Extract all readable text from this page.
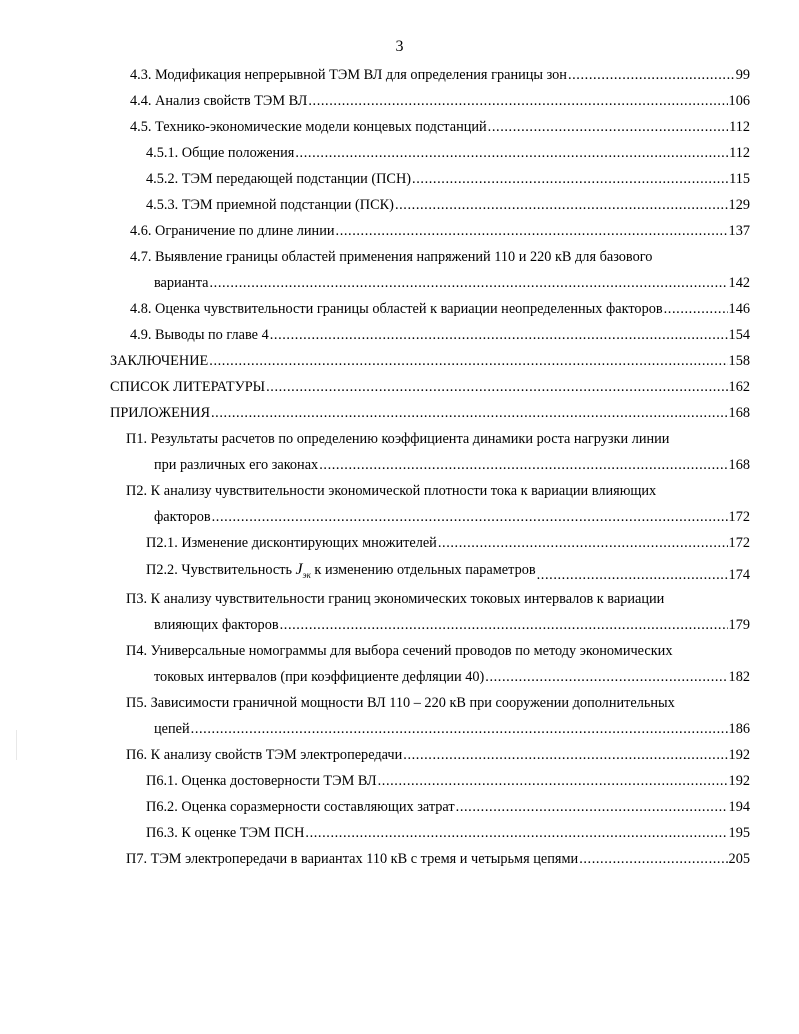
3
4.3. Модификация непрерывной ТЭМ ВЛ для определения границы зон .....	99
4.4. Анализ свойств ТЭМ ВЛ .....	106
4.5. Технико-экономические модели концевых подстанций .....	112
4.5.1. Общие положения .....	112
4.5.2. ТЭМ передающей подстанции (ПСН) .....	115
4.5.3. ТЭМ приемной подстанции (ПСК) .....	129
4.6. Ограничение по длине линии .....	137
4.7. Выявление границы областей применения напряжений 110 и 220 кВ для базового
варианта .....	142
4.8. Оценка чувствительности границы областей к вариации неопределенных факторов .....	146
4.9. Выводы по главе 4 .....	154
ЗАКЛЮЧЕНИЕ .....	158
СПИСОК ЛИТЕРАТУРЫ .....	162
ПРИЛОЖЕНИЯ .....	168
П1. Результаты расчетов по определению коэффициента динамики роста нагрузки линии
при различных его законах .....	168
П2. К анализу чувствительности экономической плотности тока к вариации влияющих
факторов .....	172
П2.1. Изменение дисконтирующих множителей .....	172
П2.2. Чувствительность $J_{эк}$ к изменению отдельных параметров .....	174
П3. К анализу чувствительности границ экономических токовых интервалов к вариации
влияющих факторов .....	179
П4. Универсальные номограммы для выбора сечений проводов по методу экономических
токовых интервалов (при коэффициенте дефляции 40) .....	182
П5. Зависимости граничной мощности ВЛ 110 – 220 кВ при сооружении дополнительных
цепей .....	186
П6. К анализу свойств ТЭМ электропередачи .....	192
П6.1. Оценка достоверности ТЭМ ВЛ .....	192
П6.2. Оценка соразмерности составляющих затрат .....	194
П6.3. К оценке ТЭМ ПСН .....	195
П7. ТЭМ электропередачи в вариантах 110 кВ с тремя и четырьмя цепями .....	205
